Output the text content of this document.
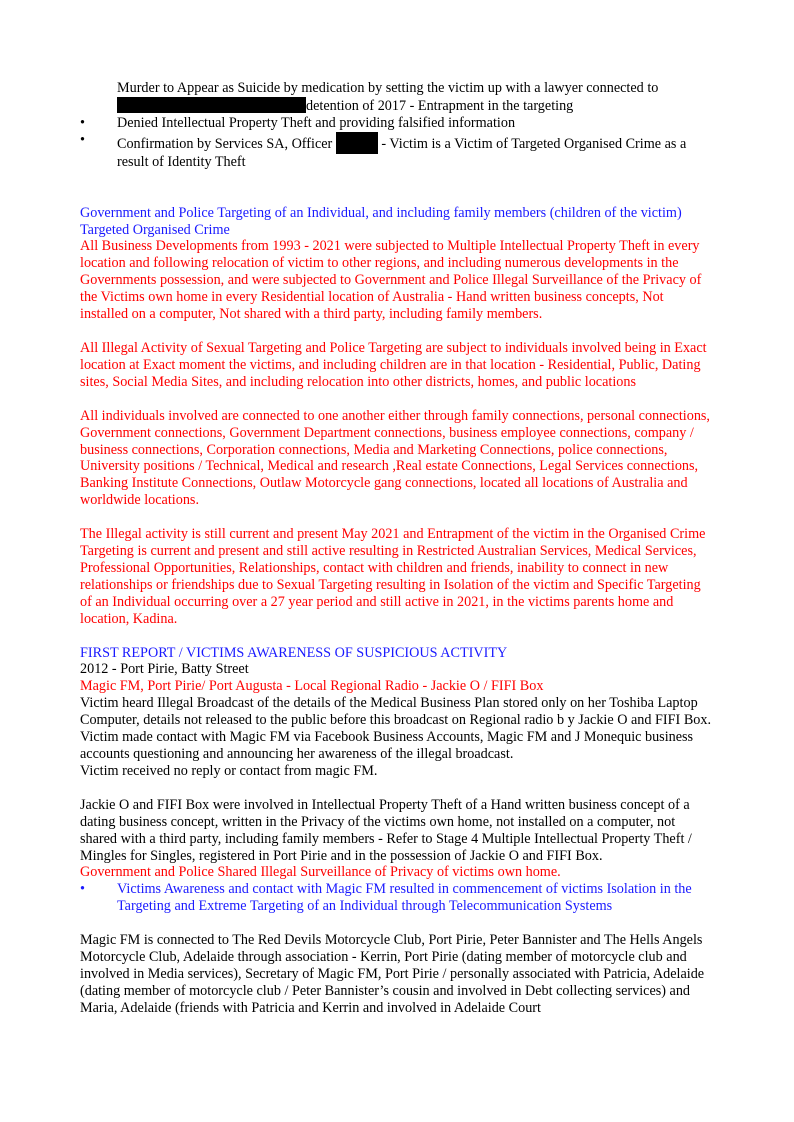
Murder to Appear as Suicide by medication by setting the victim up with a lawyer connected to

detention of 2017 - Entrapment in the targeting

• Denied Intellectual Property Theft and providing falsified information
• Confirmation by Services SA, Officer	- Victim is a Victim of Targeted Organised Crime as a result of Identity Theft

Government and Police Targeting of an Individual, and including family members (children of the victim)

Targeted Organised Crime

All Business Developments from 1993 - 2021 were subjected to Multiple Intellectual Property Theft in every location and following relocation of victim to other regions, and including numerous developments in the Governments possession, and were subjected to Government and Police Illegal Surveillance of the Privacy of the Victims own home in every Residential location of Australia - Hand written business concepts, Not installed on a computer, Not shared with a third party, including family members.

All Illegal Activity of Sexual Targeting and Police Targeting are subject to individuals involved being in Exact location at Exact moment the victims, and including children are in that location - Residential, Public, Dating sites, Social Media Sites, and including relocation into other districts, homes, and public locations

All individuals involved are connected to one another either through family connections, personal connections, Government connections, Government Department connections, business employee connections, company / business connections, Corporation connections, Media and Marketing Connections, police connections, University positions / Technical, Medical and research ,Real estate Connections, Legal Services connections, Banking Institute Connections, Outlaw Motorcycle gang connections, located all locations of Australia and worldwide locations.

The Illegal activity is still current and present May 2021 and Entrapment of the victim in the Organised Crime Targeting is current and present and still active resulting in Restricted Australian Services, Medical Services, Professional Opportunities, Relationships, contact with children and friends, inability to connect in new relationships or friendships due to Sexual Targeting resulting in Isolation of the victim and Specific Targeting of an Individual occurring over a 27 year period and still active in 2021, in the victims parents home and location, Kadina.

FIRST REPORT / VICTIMS AWARENESS OF SUSPICIOUS ACTIVITY

2012 - Port Pirie, Batty Street

Magic FM, Port Pirie/ Port Augusta - Local Regional Radio - Jackie O / FIFI Box

Victim heard Illegal Broadcast of the details of the Medical Business Plan stored only on her Toshiba Laptop Computer, details not released to the public before this broadcast on Regional radio b y Jackie O and FIFI Box.

Victim made contact with Magic FM via Facebook Business Accounts, Magic FM and J Monequic business accounts questioning and announcing her awareness of the illegal broadcast.

Victim received no reply or contact from magic FM.

Jackie O and FIFI Box were involved in Intellectual Property Theft of a Hand written business concept of a dating business concept, written in the Privacy of the victims own home, not installed on a computer, not shared with a third party, including family members - Refer to Stage 4 Multiple Intellectual Property Theft / Mingles for Singles, registered in Port Pirie and in the possession of Jackie O and FIFI Box.

Government and Police Shared Illegal Surveillance of Privacy of victims own home.

• Victims Awareness and contact with Magic FM resulted in commencement of victims Isolation in the Targeting and Extreme Targeting of an Individual through Telecommunication Systems

Magic FM is connected to The Red Devils Motorcycle Club, Port Pirie, Peter Bannister and The Hells Angels Motorcycle Club, Adelaide through association - Kerrin, Port Pirie (dating member of motorcycle club and involved in Media services), Secretary of Magic FM, Port Pirie / personally associated with Patricia, Adelaide (dating member of motorcycle club / Peter Bannister’s cousin and involved in Debt collecting services) and Maria, Adelaide (friends with Patricia and Kerrin and involved in Adelaide Court
